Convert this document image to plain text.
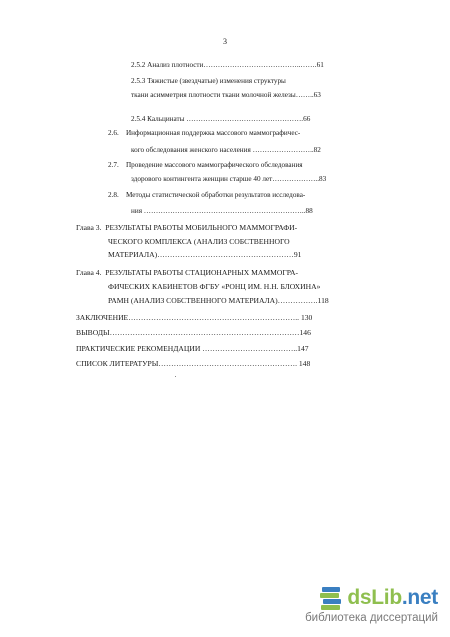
3
2.5.2 Анализ плотности…………………………………..…….61
2.5.3 Тяжистые (звездчатые) изменения структуры
ткани асимметрия плотности ткани молочной железы……..63
2.5.4 Кальцинаты ………………………………………….66
2.6.    Информационная поддержка массового маммографичес-
кого обследования женского населения ……………………..82
2.7.    Проведение массового маммографического обследования
здорового контингента женщин старше 40 лет………………..83
2.8.    Методы статистической обработки результатов исследова-
ния …………………………………………………………..88
Глава 3.  РЕЗУЛЬТАТЫ РАБОТЫ МОБИЛЬНОГО МАММОГРАФИ-
ЧЕСКОГО КОМПЛЕКСА (АНАЛИЗ СОБСТВЕННОГО
МАТЕРИАЛА)………………………………………………91
Глава 4.  РЕЗУЛЬТАТЫ РАБОТЫ СТАЦИОНАРНЫХ МАММОГРА-
ФИЧЕСКИХ КАБИНЕТОВ ФГБУ «РОНЦ ИМ. Н.Н. БЛОХИНА»
РАМН (АНАЛИЗ СОБСТВЕННОГО МАТЕРИАЛА)…………….118
ЗАКЛЮЧЕНИЕ………………………………………………………….. 130
ВЫВОДЫ…………………………………………………………………146
ПРАКТИЧЕСКИЕ РЕКОМЕНДАЦИИ ………………………………..147
СПИСОК ЛИТЕРАТУРЫ………………………………………………. 148
dsLib.net
библиотека диссертаций
